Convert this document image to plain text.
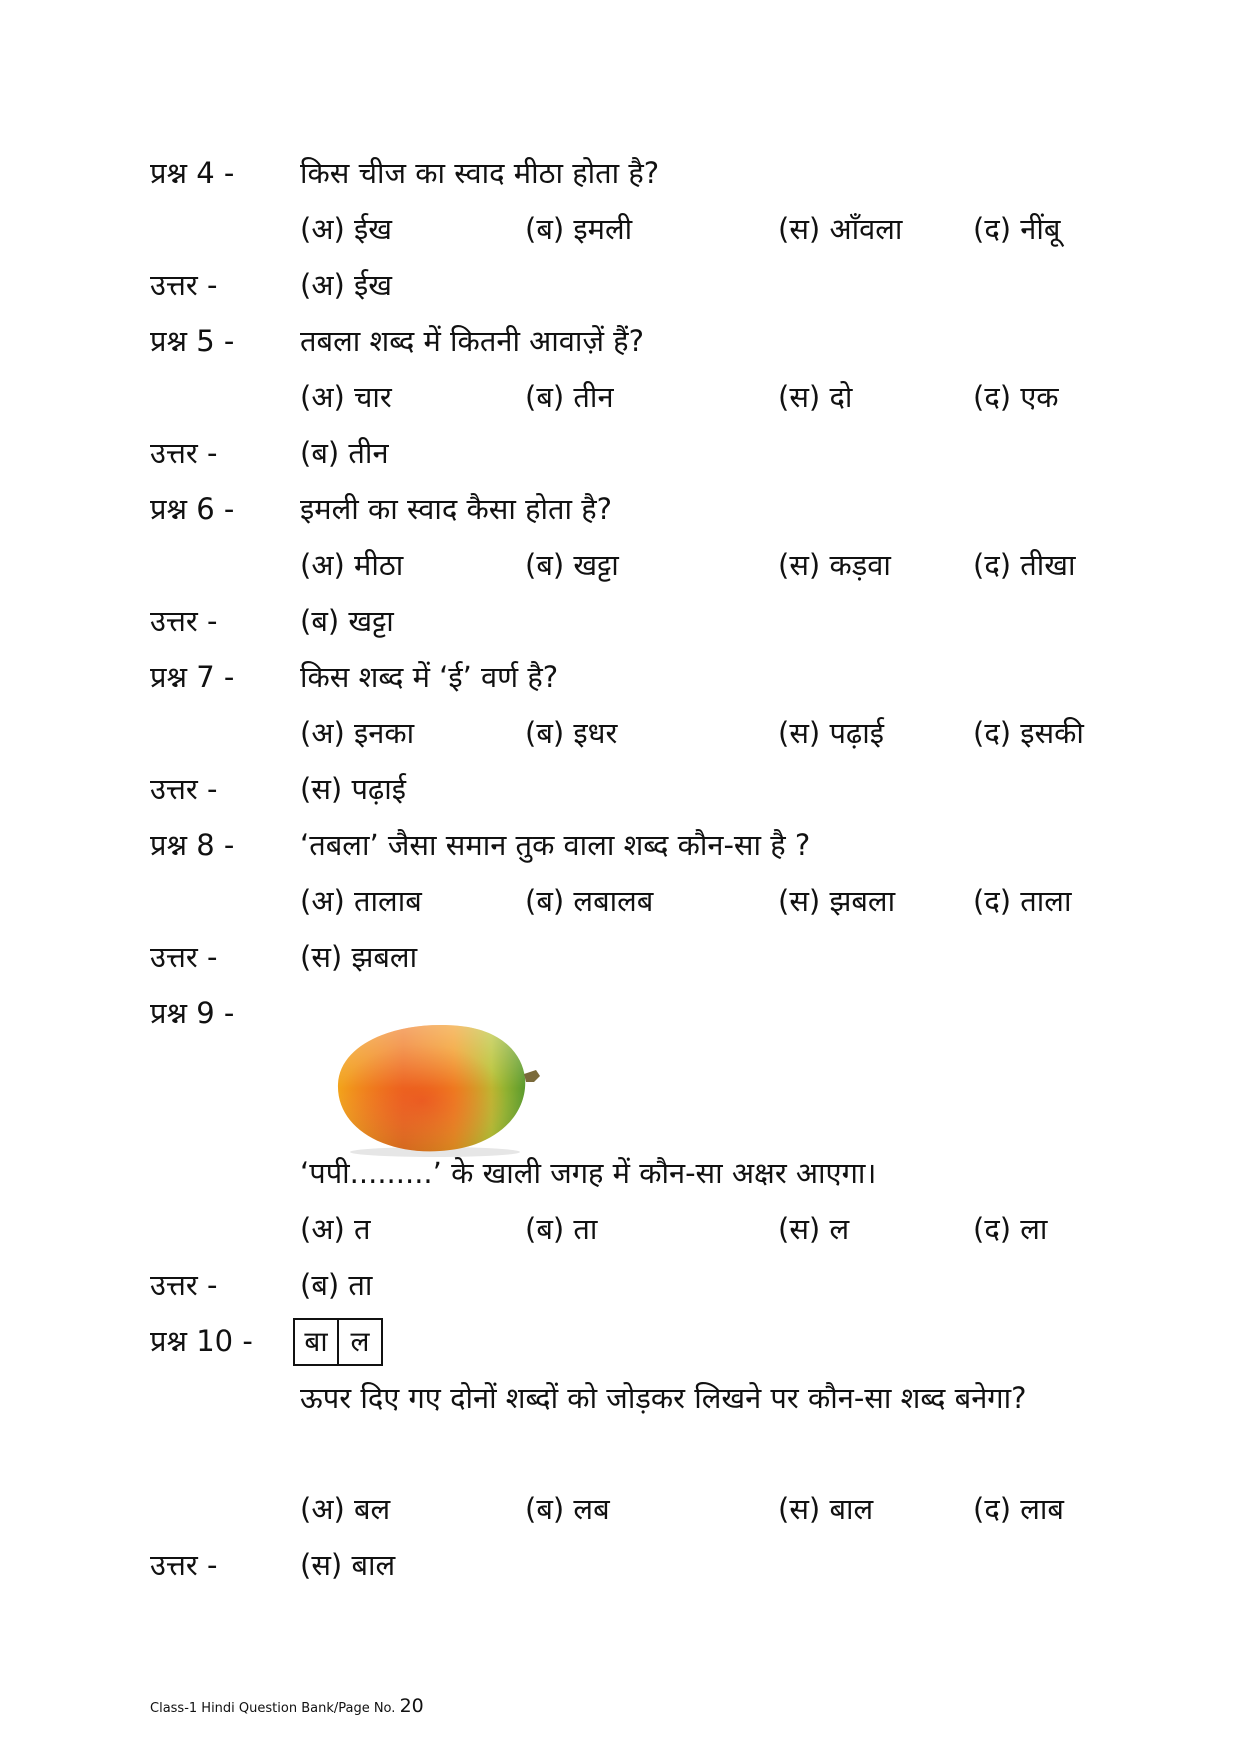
प्रश्न 4 - किस चीज का स्वाद मीठा होता है?
(अ) ईख	(ब) इमली	(स) आँवला (द) नींबू
उत्तर -	(अ) ईख
प्रश्न 5 - तबला शब्द में कितनी आवाज़ें हैं?
(अ) चार	(ब) तीन	(स) दो	(द) एक
उत्तर -	(ब) तीन
प्रश्न 6 - इमली का स्वाद कैसा होता है?
(अ) मीठा	(ब) खट्टा	(स) कड़वा	(द) तीखा
उत्तर -	(ब) खट्टा
प्रश्न 7 - किस शब्द में ‘ई’ वर्ण है?
(अ) इनका	(ब) इधर	(स) पढ़ाई	(द) इसकी
उत्तर -	(स) पढ़ाई
प्रश्न 8 - ‘तबला’ जैसा समान तुक वाला शब्द कौन-सा है ?
(अ) तालाब	(ब) लबालब	(स) झबला	(द) ताला
उत्तर -	(स) झबला
प्रश्न 9 -
‘पपी.........’ के खाली जगह में कौन-सा अक्षर आएगा।
(अ) त	(ब) ता	(स) ल	(द) ला
उत्तर -	(ब) ता
प्रश्न 10 -	बा ल
ऊपर दिए गए दोनों शब्दों को जोड़कर लिखने पर कौन-सा शब्द बनेगा?
(अ) बल	(ब) लब	(स) बाल	(द) लाब
उत्तर -	(स) बाल
Class-1 Hindi Question Bank/Page No. 20
